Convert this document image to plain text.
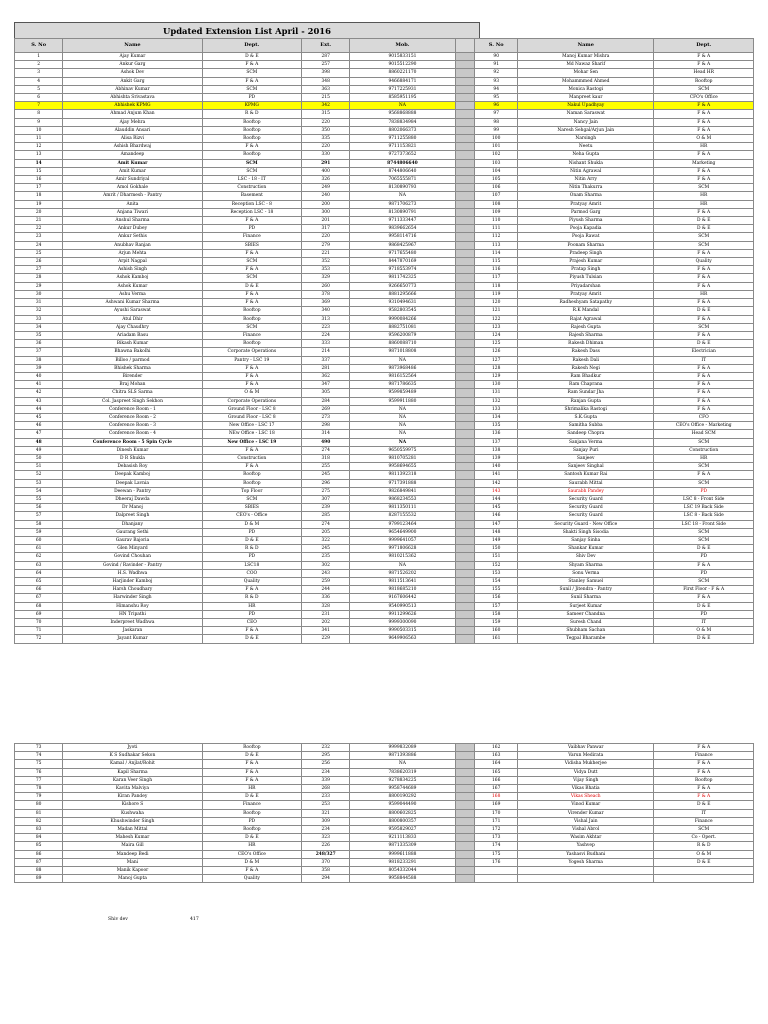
Updated Extension List April - 2016
S. No	Name	Dept.	Ext.	Mob.		S. No	Name	Dept.
1	Ajay Kumar	D & E	287	9015833151		90	Manoj Kumar Mishra	F & A
2	Ankur Garg	F & A	257	9015512290		91	Md Nawaz Sharif	F & A
3	Ashok Dev	SCM	398	8860221170		92	Mohar Sen	Head HR
4	Ankit Garg	F & A	348	9466884171		93	Mohammmed Ahmed	Rooftop
5	Abhinav Kumar	SCM	363	9717225931		94	Monica Rastogi	SCM
6	Abhishta Srivastava	PD	215	8585951195		95	Manpreet kaur	CFO's Office
7	Abhishek KPMG	KPMG	342	NA		96	Nakul Upadhyay	F & A
8	Ahmad Anjum Khan	R & D	315	9568868888		97	Naman Saraswat	F & A
9	Ajay Mehra	Rooftop	220	7838834984		98	Nancy Jain	F & A
10	Alauddin Ansari	Rooftop	350	8802066373		99	Naresh Sehgal/Arjun Jain	F & A
11	Alisa Rizvi	Rooftop	335	9711255880		100	Narsingh	O & M
12	Ashish Bhardwaj	F & A	220	9711153821		101	Neetu	HR
13	Amandeep	Rooftop	330	9727373652		102	Neha Gupta	F & A
14	Amit Kumar	SCM	291	8744806640		103	Nishant Shukla	Marketing
15	Amit Kumar	SCM	400	8744806640		104	Nitin Agrawal	F & A
16	Amir Sundriyal	LSC - 18 - IT	326	7065555871		105	Nitin Arry	F & A
17	Amol Gokhale	Construction	249	8130890793		106	Nitin Thakurra	SCM
18	Amrit / Dharmesh - Pantry	Basement	240	NA		107	Onam Sharma	HR
19	Anita	Reception LSC - 8	200	9871706273		108	Pratyay Amrit	HR
20	Anjana Tiwari	Reception LSC - 18	300	8130890791		109	Parmod Garg	F & A
21	Anshul Sharma	F & A	201	9711333447		110	Piyush Sharma	D & E
22	Ankur Dubey	PD	317	9839662654		111	Pooja Kapadia	D & E
23	Ankur Sethis	Finance	220	9958114716		112	Pooja Rawat	SCM
24	Anubhav Ranjan	SBIES	279	9868425967		113	Poonam Sharma	SCM
25	Arjun Mehta	F & A	221	9717655480		114	Pradeep Singh	F & A
26	Arpit Nagpal	SCM	352	8447870169		115	Prajesh Kumar	Quality
27	Ashish Singh	F & A	353	9718553974		116	Pratap Singh	F & A
28	Ashok Kamboj	SCM	329	9811742325		117	Piyush Tulsian	F & A
29	Ashok Kumar	D & E	260	9266650773		118	Priyadarshan	F & A
30	Ashu Verma	F & A	378	8881295666		119	Pratyay Amrit	HR
31	Ashwani Kumar Sharma	F & A	369	9310494631		120	Radheshyam Satapathy	F & A
32	Ayushi Saraswat	Rooftop	340	9582803545		121	R.K Mandal	D & E
33	Atul Dhir	Rooftop	313	9990084266		122	Rajat Agrawal	F & A
34	Ajay Chaudhry	SCM	223	8882751081		123	Rajesh Gupta	SCM
35	Ariadam Basu	Finance	224	9596200879		124	Rajesh Sharma	F & A
36	Bikash Kumar	Rooftop	333	8860088710		125	Rakesh Dhiman	D & E
37	Bhawna Bakolhi	Corporate Operations	214	9871018808		126	Rakesh Dass	Electrician
38	Billoo / parmod	Pantry - LSC 19	337	NA		127	Rakesh Dali	IT
39	Bhishek Sharma	F & A	281	9873968486		128	Rakesh Negi	F & A
40	Birender	F & A	362	9816152564		129	Ram Bhadkur	F & A
41	Braj Mohan	F & A	347	9871786635		130	Ram Chaprana	F & A
42	Chitra SLS Sarma	O & M	305	9599859489		131	Ram Sundar Jha	F & A
43	Col. Jaspreet Singh Sekhon	Corporate Operations	284	9599911880		132	Ranjan Gupta	F & A
44	Conference Room - 1	Ground Floor - LSC 8	269	NA		133	Shrimalika Rastogi	F & A
45	Conference Room - 2	Ground Floor - LSC 8	273	NA		134	S.K.Gupta	CFO
46	Conference Room - 3	New Office - LSC 17	298	NA		135	Samitha Subba	CEO's Office - Marketing
47	Conference Room - 4	NEw Office - LSC 18	314	NA		136	Sandeep Chopra	Head SCM
48	Conference Room - 5 Spin Cycle	New Office - LSC 19	490	NA		137	Sanjana Verma	SCM
49	Dinesh Kumar	F & A	274	9650559975		138	Sanjay Puri	Construction
50	D R Shukla	Construction	318	9810705281		139	Sanjeev	HR
51	Debasish Roy	F & A	255	9958694655		140	Sanjeev Singhal	SCM
52	Deepak Kamboj	Rooftop	245	9811392318		141	Santosh Kumar Rai	F & A
53	Deepak Lavnia	Rooftop	296	9717391888		142	Saurabh Mittal	SCM
54	Deewan - Pantry	Top Floor	275	9826849841		143	Saurabh Pandey	PD
55	Dheeraj Dawda	SCM	307	9868234553		144	Security Guard	LSC 8 - Front Side
56	Dr Manoj	SBIES	239	9811350111		145	Security Guard	LSC 19 Back Side
57	Dalpreet Singh	CEO's - Office	285	8287155532		146	Security Guard	LSC 8 - Back Side
58	Dhanjany	D & M	274	9799123464		147	Security Guard - New Office	LSC 18 - Front Side
59	Gaurang Sethi	PD	205	9654649900		148	Shakti Singh Sisodia	SCM
60	Gaurav Bajoria	D & E	322	9999641057		149	Sanjay Sinha	SCM
61	Glen Minyard	R & D	245	9971806628		150	Shankar Kumar	D & E
62	Govind Chouhan	PD	235	9810215362		151	Shiv Dev	PD
63	Govind / Ravinder - Pantry	LSC18	302	NA		152	Shyam Sharma	F & A
64	H.S. Wadhwa	COO	243	9871526202		153	Sonu Verma	PD
65	Harjinder Kamboj	Quality	259	9811513641		154	Stanley Samuel	SCM
66	Harsh Choudhary	F & A	244	9818685210		155	Sunil / Jitendra - Pantry	First Floor - F & A
67	Harwinder Singh	R & D	336	9167606442		156	Sunil Sharma	F & A
68	Himanshu Roy	HR	328	9540990513		157	Surjeet Kumar	D & E
69	HN Tripathi	PD	231	9911299626		158	Sameer Chandna	PD
70	Inderpreet Wadhwa	CEO	202	9999300090		159	Suresh Chand	IT
71	Jaskaran	F & A	341	9990503315		160	Shubham Sachan	O & M
72	Jayant Kumar	D & E	229	9649906563		161	Tegpal Bharambe	D & E
73	Jyoti	Rooftop	232	9999832089		162	Vaibhav Panwar	F & A
74	K S Sudhakar Sekon	D & E	295	9871393886		163	Varun Medirata	Finance
75	Kamal / Anjlat/Rohit	F & A	256	NA		164	Vidisha Mukherjee	F & A
76	Kapil Sharma	F & A	234	7838620319		165	Vidya Dutt	F & A
77	Karan Veer Singh	F & A	339	9278834225		166	Vijay Singh	Rooftop
78	Kavita Malviya	HR	268	9958744689		167	Vikas Bhatia	F & A
79	Kiran Pandey	D & E	233	8800190292		168	Vikas Sheach	F & A
80	Kishore S	Finance	253	9599044490		169	Vinod Kumar	D & E
81	Kushwaha	Rooftop	321	8800602825		170	Virender Kumar	IT
82	Khushwinder Singh	PD	309	8800800357		171	Vishal Jain	Finance
83	Madan Mittal	Rooftop	234	9595829027		172	Vishal Abrol	SCM
84	Mahesh Kumar	D & E	323	9211113833		173	Wasim Akhtar	Co - Opert.
85	Maira Gill	HR	226	9871335309		174	Yashvep	R & D
86	Mandeep Bedi	CEO's Office	248/327	9999611888		175	Yashasvi Budhani	O & M
87	Mani	D & M	370	9818233291		176	Yogesh Sharma	D & E
88	Manik Kapoor	F & A	358	8054332044				
89	Manoj Gupta	Quality	294	9958844588				
Shiv dev	417
